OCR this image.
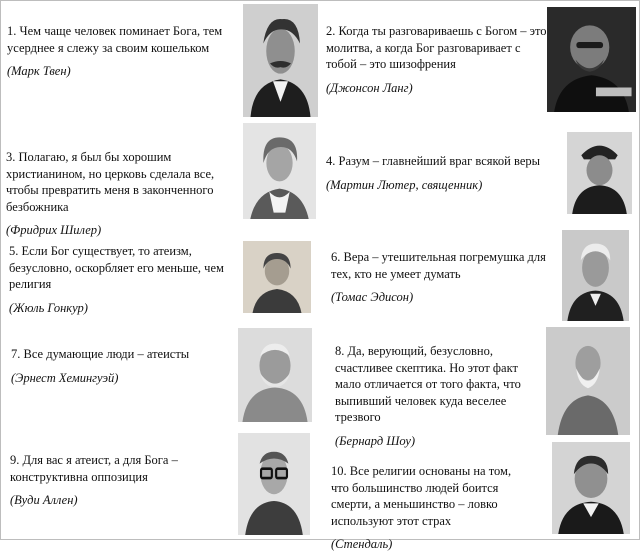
1. Чем чаще человек поминает Бога, тем усерднее я слежу за своим кошельком

(Марк Твен)

2. Когда ты разговариваешь с Богом – это молитва, а когда Бог разговаривает с тобой – это шизофрения

(Джонсон Ланг)

3. Полагаю, я был бы хорошим христианином, но церковь сделала все, чтобы превратить меня в законченного безбожника

(Фридрих Шилер)

4. Разум – главнейший враг всякой веры

(Мартин Лютер, священник)

5. Если Бог существует, то атеизм, безусловно, оскорбляет его меньше, чем религия

(Жюль Гонкур)

6. Вера – утешительная погремушка для тех, кто не умеет думать

(Томас Эдисон)

7. Все думающие люди – атеисты

(Эрнест Хемингуэй)

8. Да, верующий, безусловно, счастливее скептика. Но этот факт мало отличается от того факта, что выпивший человек куда веселее трезвого

(Бернард Шоу)

9. Для вас я атеист, а для Бога – конструктивна оппозиция

(Вуди Аллен)

10. Все религии основаны на том, что большинство людей боится смерти, а меньшинство – ловко используют этот страх

(Стендаль)
